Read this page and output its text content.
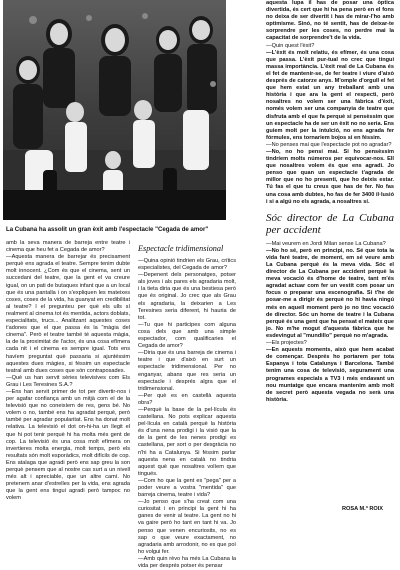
La Cubana ha assolit un gran èxit amb l'espectacle "Cegada de amor"

amb la seva manera de barreja entre teatre i cinema que heu fet a Cegada de amor?

—Aquesta manera de barrejar és precisament perquè ens agrada el teatre. Sempre tenim dubte molt innocent. ¿Com és que el cinema, sent un succedani del teatre, que la gent el va creure igual, on un pati de butaques infant que a un local que és una pantalla i on s'expliquen les mateixes coses, coses de la vida, ha guanyat en credibilitat al teatre? I el pregunteu per què els ulls sí realment al cinema tot és mentida, actors doblats, especialitats, trucs... Analitzant aquestes coses t'adones que el que passa és la "màgia del cinema". Però el teatre també té aquesta màgia, la de la proximitat de l'actor, és una cosa efímera cada nit i el cinema es sempre igual. Tots ens havíem preguntat què passaria si ajuntéssim aquestes dues màgies, si féssim un espectacle teatral amb dues coses que són contraposades.

—Què us han servit sèries televisives com Els Grau i Les Teresines S.A.?

—Ens han servit primer de tot per divertir-nos i per agafar confiança amb un mitjà com el de la televisió que no coneixíem de res, gens bé. No volem o no, també ens ha agradat perquè, però també per agradar popularitat. Ens ha donat molt relativa. La televisió el dot on-hi-ha un llegit el que hi pot tenir perquè hi ha molta més gent de cop. La televisió és una cosa molt efímera on invertieres molta energia, molt temps, però els resultats són molt esporàdics, molt difícils de cop. Ens atalaga que agradi però ens sap greu la son perquè pensem que al nostre cas surt a un nivell més alt i apreciable, que un altre camí. No pretenem anar d'estrelles per la vida, ens agrada que la gent ens tingui agradi però tampoc no volem

Espectacle tridimensional

—Quina opinió tindrien els Grau, crítics especialistes, del Cegada de amor?

—Depenent dels personatges, potser als joves i als pares els agradaria molt, i la tieta diria que és una bestiesa però que és original. Jo crec que als Grau els agradaria, la deixarien a Les Teresines seria diferent, hi hauria de tot.

—Tu que hi participes com alguna cosa dels que amb una simple espectador, com qualificaries el Cegada de amor?

—Diria que és una barreja de cinema i teatre i que d'això en surt un espectacle tridimensional. Per no enganyar, abans que res seria un espectacle i després algra que el tridimensional.

—Per què es en castellà aquesta obra?

—Perquè la base de la pel·lícula és castellana. No pots explicar aquesta pel·lícula en català perquè la història és d'una nena prodigi i la visió que la de la gent de les nenes prodigi es castellana, per sort o per desgràcia no n'hi ha a Catalunya. Si féssim parlar aquesta nena en català no tindria aquest què que nosaltres volíem que tingués.

—Com ho que la gent es "pega" per a poder veure a vostra "mentida" que barreja cinema, teatre i vida?

—Jo penso que s'ha creat com una curiositat i en principi la gent hi ha ganes de venir al teatre. La gent no hi va gaire però ho tant en tant hi va. Jo penso que venen encuriosits, no es sap o que veure exactament, no agradaria amb arrodonir, no es que poí ho volgui fer.

—Amb quin rèvo ha més La Cubana la vida per després potser és pensar

aquesta lupa il has de posar una òptica divertida, és cert que hi ha pena però en el fons no deixa de ser divertit i has de mirar-l'ho amb optimisme. Sinó, no té sentit, has de deixar-te sorprendre per les coses, no perdre mai la capacitat de sorprendre't de la vida.

—Quin quest l'èxit?

—L'èxit és molt relatiu, és efímer, és una cosa que passa. L'èxit pur-tual no crec que tingui massa importància. L'èxit real de La Cubana és el fet de mantenir-se, de fer teatre i viure d'això després de catorze anys. M'omple d'orgull el fet que hem estat un any treballant amb una història i que ara la gent el respecti, però nosaltres no volem ser una fàbrica d'èxit, només volem ser una companyia de teatre que disfruta amb el que fa perquè si pensèssim que un espectacle ha de ser un èxit no no seria. Ens guiem molt per la intuïció, no ens agrada fer fórmules, ens tornariem bojos si en féssim.

—No penses mai que l'espectacle pot no agradar?

—No, no ho pensi mai. Si ho pensèssim tindríem molts números per equivocar-nos. Ell que nosaltres volem és que ens agradi. Jo penso que quan un espectacle t'agrada de millor que no ho presenti, que ho deixis estar. Tú fas el que tu creus que has de fer. No fas una cosa amb dubtes, ho fas de fer 3400 il·lusió i si a algú no els agrada, a nosaltres sí.

Sóc director de La Cubana per accident

—Mai veurem en Jordi Milan sense La Cubana?

—No ho sé, però en principi, no. Sé que tota la vida faré teatre, de moment, em sé veure amb La Cubana perquè és la meva vida. Sóc el director de La Cubana per accident perquè la meva vocació és d'home de teatre, tant m'és agradat actuar com fer un vestit com posar un focus o preparar una escenografia. Si t'he de posar-me a dirigir és perquè no hi havia ningú més en aquell moment però jo no tinc vocació de director. Sóc un home de teatre i la Cubana perquè és una gent que ha pensat el mateix que jo. No m'he mogut d'aquesta fàbrica que he esdevingut al "mundillo" perquè no m'agrada.

—Els projectes?

—En aquests moments, això que hem acabat de començar. Després ho portarem per tota Espanya i tota Catalunya i Barcelona. També tenim una cosa de televisió, segurament una programes especials a TV3 i més endavant un nou muntatge que encara mantenim amb molt de secret però aquesta vegada no serà una història.

ROSA M.ª ROIX
